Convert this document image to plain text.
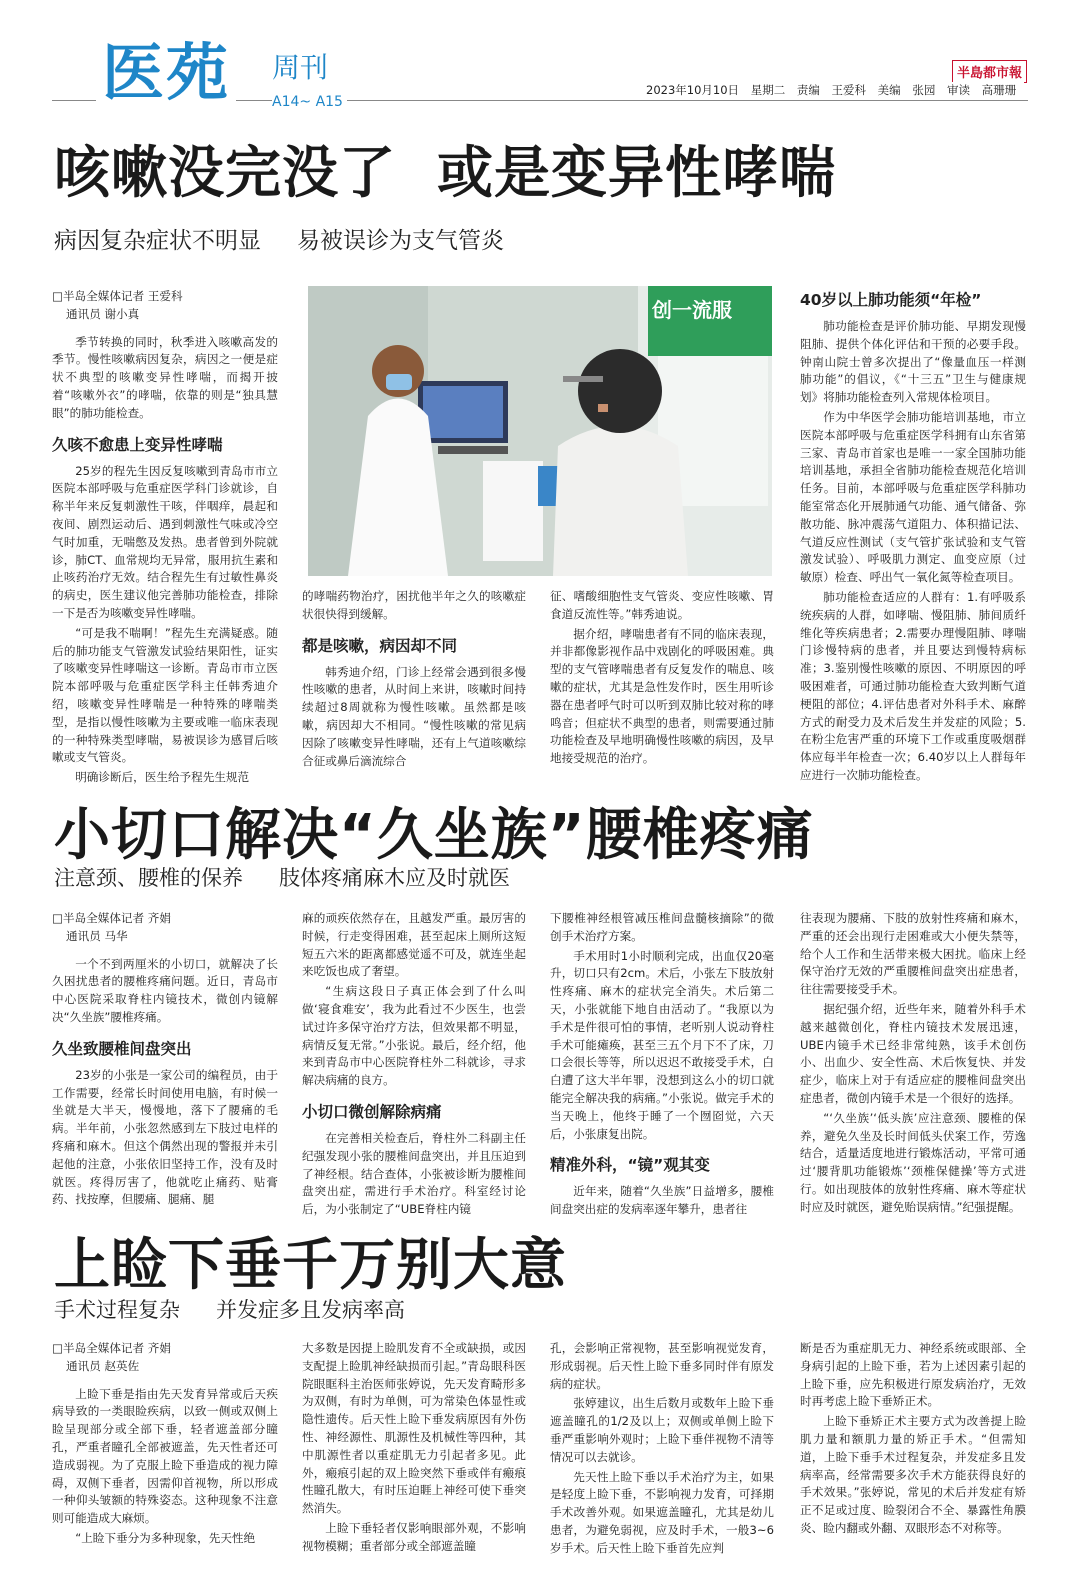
医苑 周刊
A14~ A15
半島都市報
2023年10月10日 星期二 责编 王爱科 美编 张园 审读 高珊珊
咳嗽没完没了  或是变异性哮喘
病因复杂症状不明显 易被误诊为支气管炎
□半岛全媒体记者 王爱科
通讯员 谢小真

季节转换的同时，秋季进入咳嗽高发的季节。慢性咳嗽病因复杂，病因之一便是症状不典型的咳嗽变异性哮喘，而揭开披着“咳嗽外衣”的哮喘，依靠的则是“独具慧眼”的肺功能检查。

久咳不愈患上变异性哮喘

25岁的程先生因反复咳嗽到青岛市市立医院本部呼吸与危重症医学科门诊就诊，自称半年来反复刺激性干咳，伴咽痒，晨起和夜间、剧烈运动后、遇到刺激性气味或冷空气时加重，无喘憋及发热。患者曾到外院就诊，肺CT、血常规均无异常，服用抗生素和止咳药治疗无效。结合程先生有过敏性鼻炎的病史，医生建议他完善肺功能检查，排除一下是否为咳嗽变异性哮喘。

“可是我不喘啊！”程先生充满疑惑。随后的肺功能支气管激发试验结果阳性，证实了咳嗽变异性哮喘这一诊断。青岛市市立医院本部呼吸与危重症医学科主任韩秀迪介绍，咳嗽变异性哮喘是一种特殊的哮喘类型，是指以慢性咳嗽为主要或唯一临床表现的一种特殊类型哮喘，易被误诊为感冒后咳嗽或支气管炎。

明确诊断后，医生给予程先生规范

创一流服

的哮喘药物治疗，困扰他半年之久的咳嗽症状很快得到缓解。

都是咳嗽，病因却不同

韩秀迪介绍，门诊上经常会遇到很多慢性咳嗽的患者，从时间上来讲，咳嗽时间持续超过8周就称为慢性咳嗽。虽然都是咳嗽，病因却大不相同。“慢性咳嗽的常见病因除了咳嗽变异性哮喘，还有上气道咳嗽综合征或鼻后滴流综合

征、嗜酸细胞性支气管炎、变应性咳嗽、胃食道反流性等。”韩秀迪说。

据介绍，哮喘患者有不同的临床表现，并非都像影视作品中戏剧化的呼吸困难。典型的支气管哮喘患者有反复发作的喘息、咳嗽的症状，尤其是急性发作时，医生用听诊器在患者呼气时可以听到双肺比较对称的哮鸣音；但症状不典型的患者，则需要通过肺功能检查及早地明确慢性咳嗽的病因，及早地接受规范的治疗。

40岁以上肺功能须“年检”

肺功能检查是评价肺功能、早期发现慢阻肺、提供个体化评估和干预的必要手段。钟南山院士曾多次提出了“像量血压一样测肺功能”的倡议，《“十三五”卫生与健康规划》将肺功能检查列入常规体检项目。

作为中华医学会肺功能培训基地，市立医院本部呼吸与危重症医学科拥有山东省第三家、青岛市首家也是唯一一家全国肺功能培训基地，承担全省肺功能检查规范化培训任务。目前，本部呼吸与危重症医学科肺功能室常态化开展肺通气功能、通气储备、弥散功能、脉冲震荡气道阻力、体积描记法、气道反应性测试（支气管扩张试验和支气管激发试验）、呼吸肌力测定、血变应原（过敏原）检查、呼出气一氧化氮等检查项目。

肺功能检查适应的人群有：1.有呼吸系统疾病的人群，如哮喘、慢阻肺、肺间质纤维化等疾病患者；2.需要办理慢阻肺、哮喘门诊慢特病的患者，并且要达到慢特病标准；3.鉴别慢性咳嗽的原因、不明原因的呼吸困难者，可通过肺功能检查大致判断气道梗阻的部位；4.评估患者对外科手术、麻醉方式的耐受力及术后发生并发症的风险；5.在粉尘危害严重的环境下工作或重度吸烟群体应每半年检查一次；6.40岁以上人群每年应进行一次肺功能检查。

小切口解决“久坐族”腰椎疼痛
注意颈、腰椎的保养 肢体疼痛麻木应及时就医
□半岛全媒体记者 齐娟
通讯员 马华

一个不到两厘米的小切口，就解决了长久困扰患者的腰椎疼痛问题。近日，青岛市中心医院采取脊柱内镜技术，微创内镜解决“久坐族”腰椎疼痛。

久坐致腰椎间盘突出

23岁的小张是一家公司的编程员，由于工作需要，经常长时间使用电脑，有时候一坐就是大半天，慢慢地，落下了腰痛的毛病。半年前，小张忽然感到左下肢过电样的疼痛和麻木。但这个偶然出现的警报并未引起他的注意，小张依旧坚持工作，没有及时就医。疼得厉害了，他就吃止痛药、贴膏药、找按摩，但腰痛、腿痛、腿

麻的顽疾依然存在，且越发严重。最厉害的时候，行走变得困难，甚至起床上厕所这短短五六米的距离都感觉遥不可及，就连坐起来吃饭也成了奢望。

“生病这段日子真正体会到了什么叫做‘寝食难安’，我为此看过不少医生，也尝试过许多保守治疗方法，但效果都不明显，病情反复无常。”小张说。最后，经介绍，他来到青岛市中心医院脊柱外二科就诊，寻求解决病痛的良方。

小切口微创解除病痛

在完善相关检查后，脊柱外二科副主任纪强发现小张的腰椎间盘突出，并且压迫到了神经根。结合查体，小张被诊断为腰椎间盘突出症，需进行手术治疗。科室经讨论后，为小张制定了“UBE脊柱内镜

下腰椎神经根管减压椎间盘髓核摘除”的微创手术治疗方案。

手术用时1小时顺利完成，出血仅20毫升，切口只有2cm。术后，小张左下肢放射性疼痛、麻木的症状完全消失。术后第二天，小张就能下地自由活动了。“我原以为手术是件很可怕的事情，老听别人说动脊柱手术可能瘫痪，甚至三五个月下不了床，刀口会很长等等，所以迟迟不敢接受手术，白白遭了这大半年罪，没想到这么小的切口就能完全解决我的病痛。”小张说。做完手术的当天晚上，他终于睡了一个囫囵觉，六天后，小张康复出院。

精准外科，“镜”观其变

近年来，随着“久坐族”日益增多，腰椎间盘突出症的发病率逐年攀升，患者往

往表现为腰痛、下肢的放射性疼痛和麻木，严重的还会出现行走困难或大小便失禁等，给个人工作和生活带来极大困扰。临床上经保守治疗无效的严重腰椎间盘突出症患者，往往需要接受手术。

据纪强介绍，近些年来，随着外科手术越来越微创化，脊柱内镜技术发展迅速，UBE内镜手术已经非常纯熟，该手术创伤小、出血少、安全性高、术后恢复快、并发症少，临床上对于有适应症的腰椎间盘突出症患者，微创内镜手术是一个很好的选择。

“‘久坐族’‘低头族’应注意颈、腰椎的保养，避免久坐及长时间低头伏案工作，劳逸结合，适量适度地进行锻炼活动，平常可通过‘腰背肌功能锻炼’‘颈椎保健操’等方式进行。如出现肢体的放射性疼痛、麻木等症状时应及时就医，避免贻误病情。”纪强提醒。

上睑下垂千万别大意
手术过程复杂 并发症多且发病率高
□半岛全媒体记者 齐娟
通讯员 赵英佐

上睑下垂是指由先天发育异常或后天疾病导致的一类眼睑疾病，以致一侧或双侧上睑呈现部分或全部下垂，轻者遮盖部分瞳孔，严重者瞳孔全部被遮盖，先天性者还可造成弱视。为了克服上睑下垂造成的视力障碍，双侧下垂者，因需仰首视物，所以形成一种仰头皱额的特殊姿态。这种现象不注意则可能造成大麻烦。

“上睑下垂分为多种现象，先天性绝

大多数是因提上睑肌发育不全或缺损，或因支配提上睑肌神经缺损而引起。”青岛眼科医院眼眶科主治医师张婷说，先天发育畸形多为双侧，有时为单侧，可为常染色体显性或隐性遗传。后天性上睑下垂发病原因有外伤性、神经源性、肌源性及机械性等四种，其中肌源性者以重症肌无力引起者多见。此外，瘢痕引起的双上睑突然下垂或伴有瘢痕性瞳孔散大，有时压迫睚上神经可使下垂突然消失。

上睑下垂轻者仅影响眼部外观，不影响视物模糊；重者部分或全部遮盖瞳

孔，会影响正常视物，甚至影响视觉发育，形成弱视。后天性上睑下垂多同时伴有原发病的症状。

张婷建议，出生后数月或数年上睑下垂遮盖瞳孔的1/2及以上；双侧或单侧上睑下垂严重影响外观时；上睑下垂伴视物不清等情况可以去就诊。

先天性上睑下垂以手术治疗为主，如果是轻度上睑下垂，不影响视力发育，可择期手术改善外观。如果遮盖瞳孔，尤其是幼儿患者，为避免弱视，应及时手术，一般3~6岁手术。后天性上睑下垂首先应判

断是否为重症肌无力、神经系统或眼部、全身病引起的上睑下垂，若为上述因素引起的上睑下垂，应先积极进行原发病治疗，无效时再考虑上睑下垂矫正术。

上睑下垂矫正术主要方式为改善提上睑肌力量和额肌力量的矫正手术。“但需知道，上睑下垂手术过程复杂，并发症多且发病率高，经常需要多次手术方能获得良好的手术效果。”张婷说，常见的术后并发症有矫正不足或过度、睑裂闭合不全、暴露性角膜炎、睑内翻或外翻、双眼形态不对称等。
